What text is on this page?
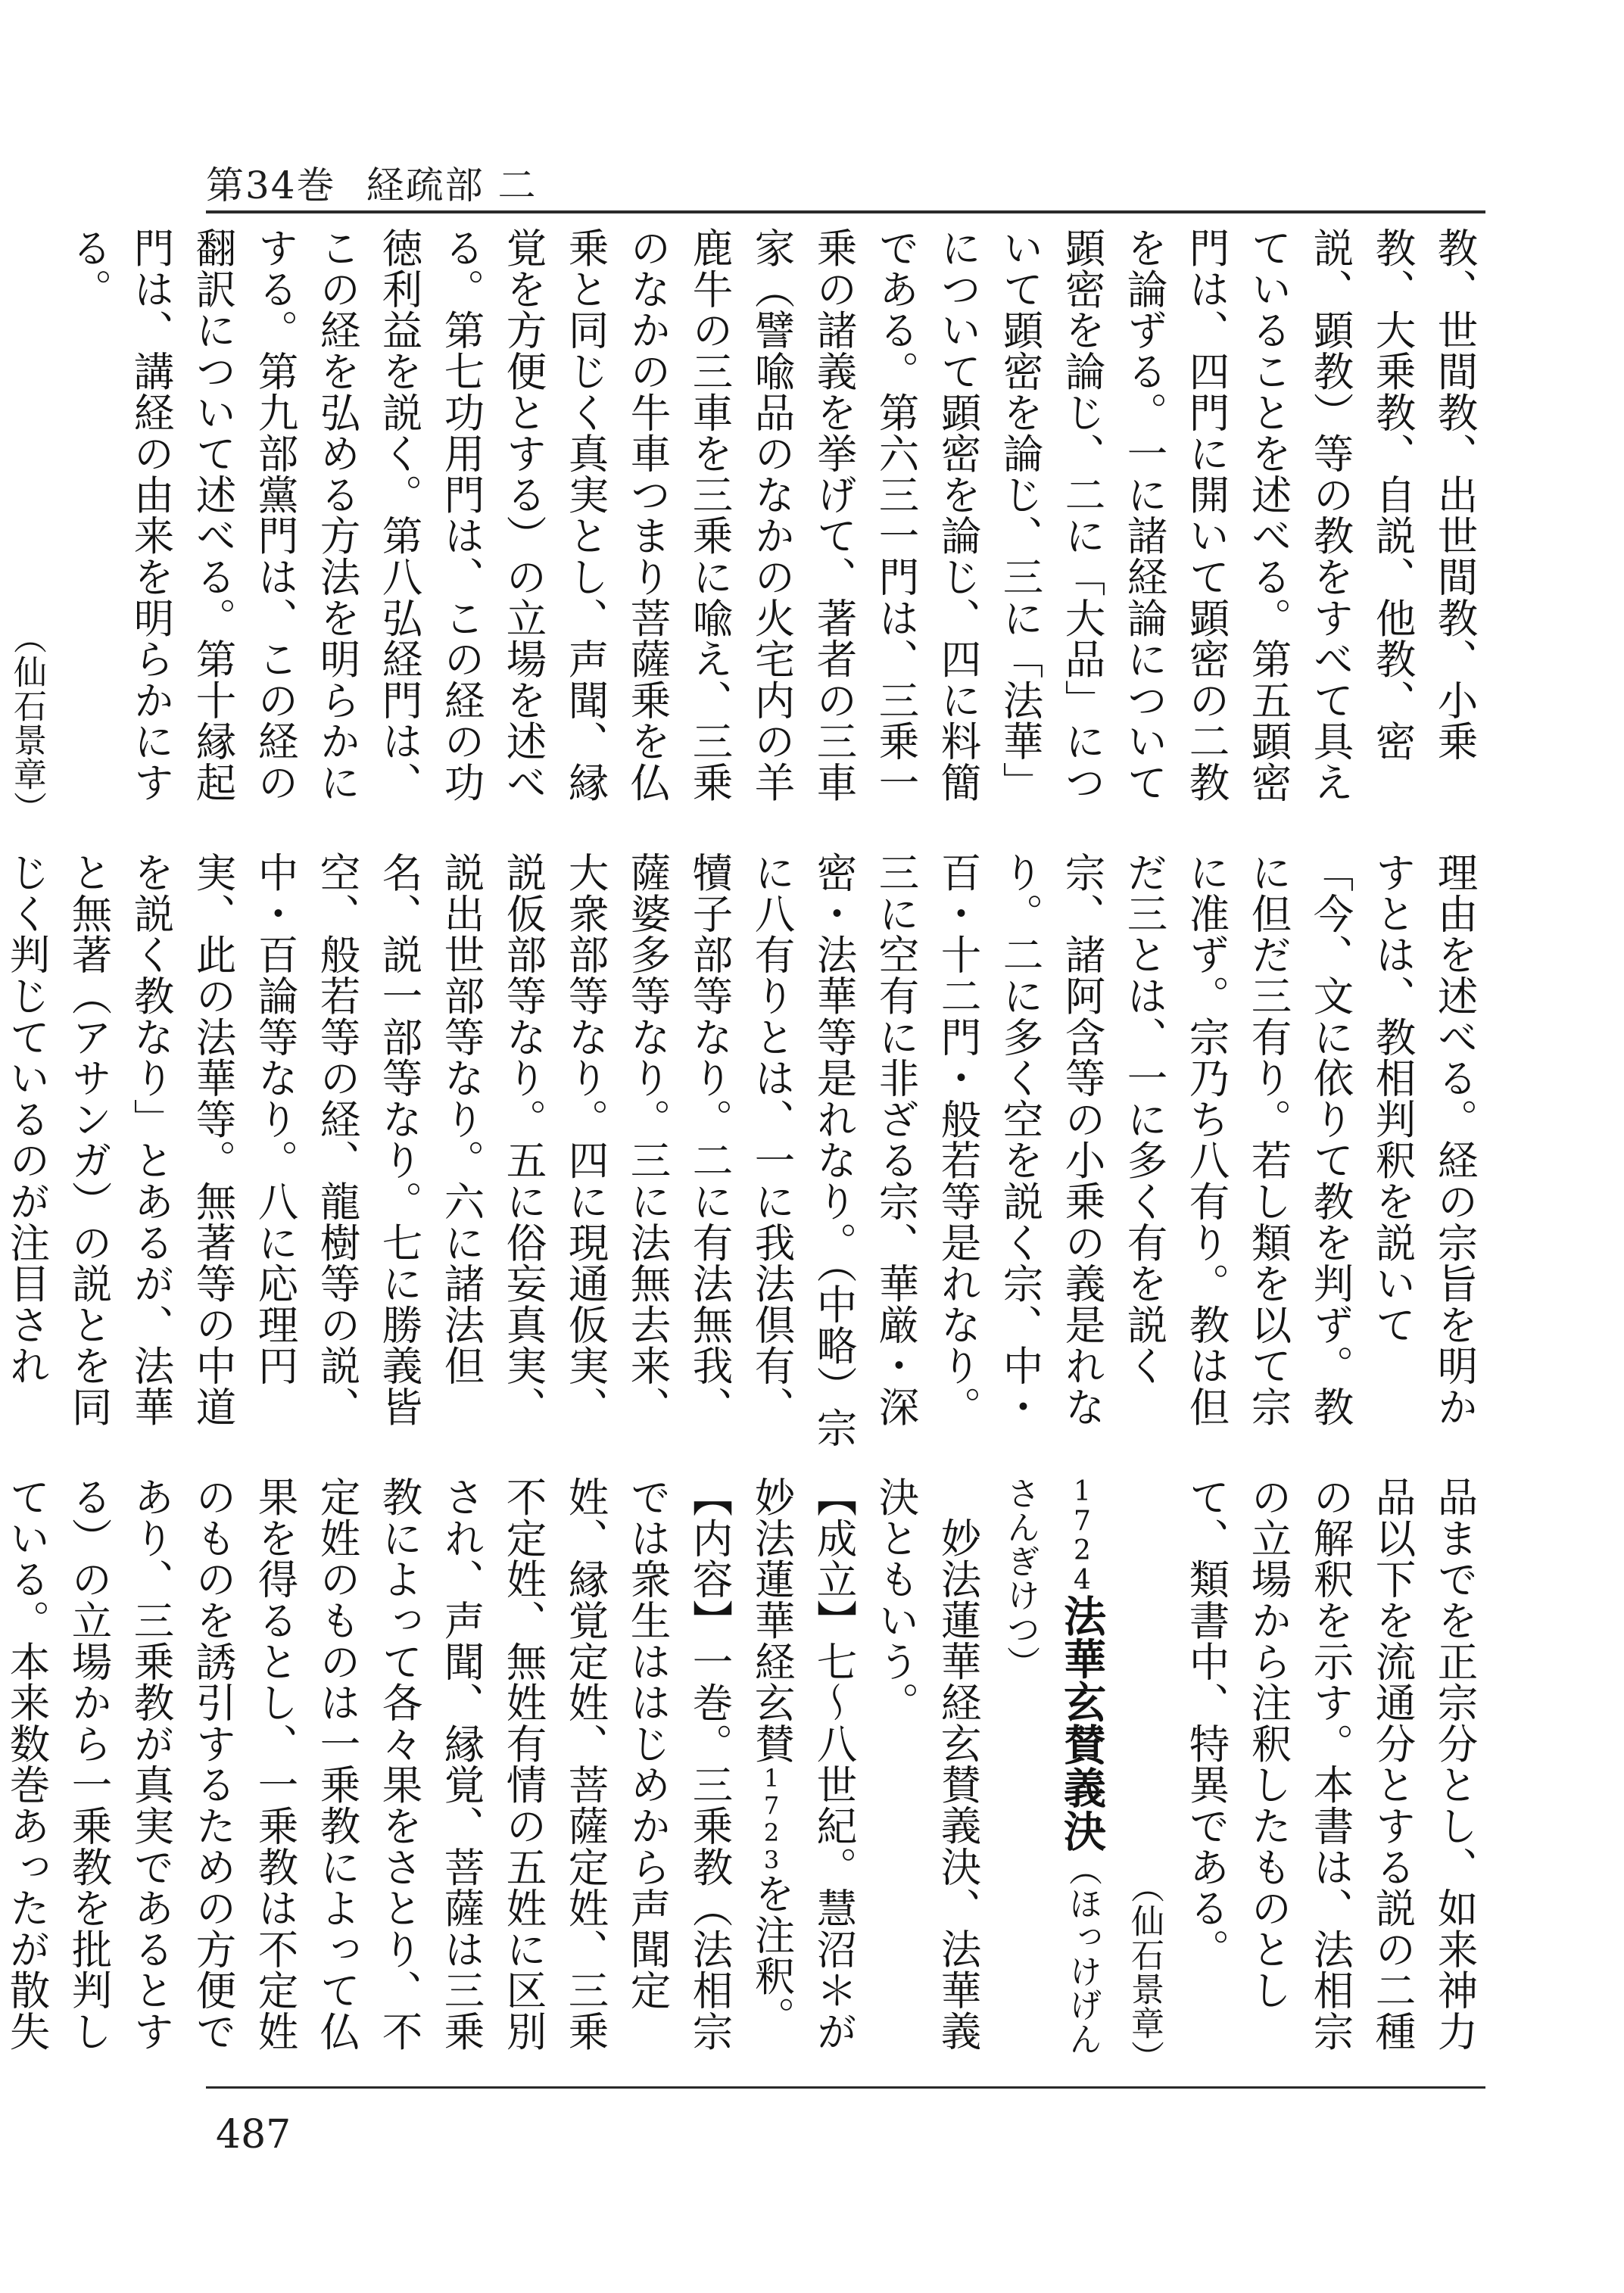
第34巻 経疏部 二
教、世間教、出世間教、小乗教、大乗教、自説、他教、密説、顕教）等の教をすべて具えていることを述べる。第五顕密門は、四門に開いて顕密の二教を論ずる。一に諸経論について顕密を論じ、二に「大品」について顕密を論じ、三に「法華」について顕密を論じ、四に料簡である。第六三一門は、三乗一乗の諸義を挙げて、著者の三車家（譬喩品のなかの火宅内の羊鹿牛の三車を三乗に喩え、三乗のなかの牛車つまり菩薩乗を仏乗と同じく真実とし、声聞、縁覚を方便とする）の立場を述べる。第七功用門は、この経の功徳利益を説く。第八弘経門は、この経を弘める方法を明らかにする。第九部黨門は、この経の翻訳について述べる。第十縁起門は、講経の由来を明らかにする。
（仙石景章）
理由を述べる。経の宗旨を明かすとは、教相判釈を説いて「今、文に依りて教を判ず。教に但だ三有り。若し類を以て宗に准ず。宗乃ち八有り。教は但だ三とは、一に多く有を説く宗、諸阿含等の小乗の義是れなり。二に多く空を説く宗、中・百・十二門・般若等是れなり。三に空有に非ざる宗、華厳・深密・法華等是れなり。（中略）宗に八有りとは、一に我法倶有、犢子部等なり。二に有法無我、薩婆多等なり。三に法無去来、大衆部等なり。四に現通仮実、説仮部等なり。五に俗妄真実、説出世部等なり。六に諸法但名、説一部等なり。七に勝義皆空、般若等の経、龍樹等の説、中・百論等なり。八に応理円実、此の法華等。無著等の中道を説く教なり」とあるが、法華と無著（アサンガ）の説とを同じく判じているのが注目され
品までを正宗分とし、如来神力品以下を流通分とする説の二種の解釈を示す。本書は、法相宗の立場から注釈したものとして、類書中、特異である。
（仙石景章）
1724法華玄賛義決（ほっけげんさんぎけつ）
妙法蓮華経玄賛義決、法華義決ともいう。
【成立】七～八世紀。慧沼＊が妙法蓮華経玄賛1723を注釈。
【内容】一巻。三乗教（法相宗では衆生ははじめから声聞定姓、縁覚定姓、菩薩定姓、三乗不定姓、無姓有情の五姓に区別され、声聞、縁覚、菩薩は三乗教によって各々果をさとり、不定姓のものは一乗教によって仏果を得るとし、一乗教は不定姓のものを誘引するための方便であり、三乗教が真実であるとする）の立場から一乗教を批判している。本来数巻あったが散失
487
